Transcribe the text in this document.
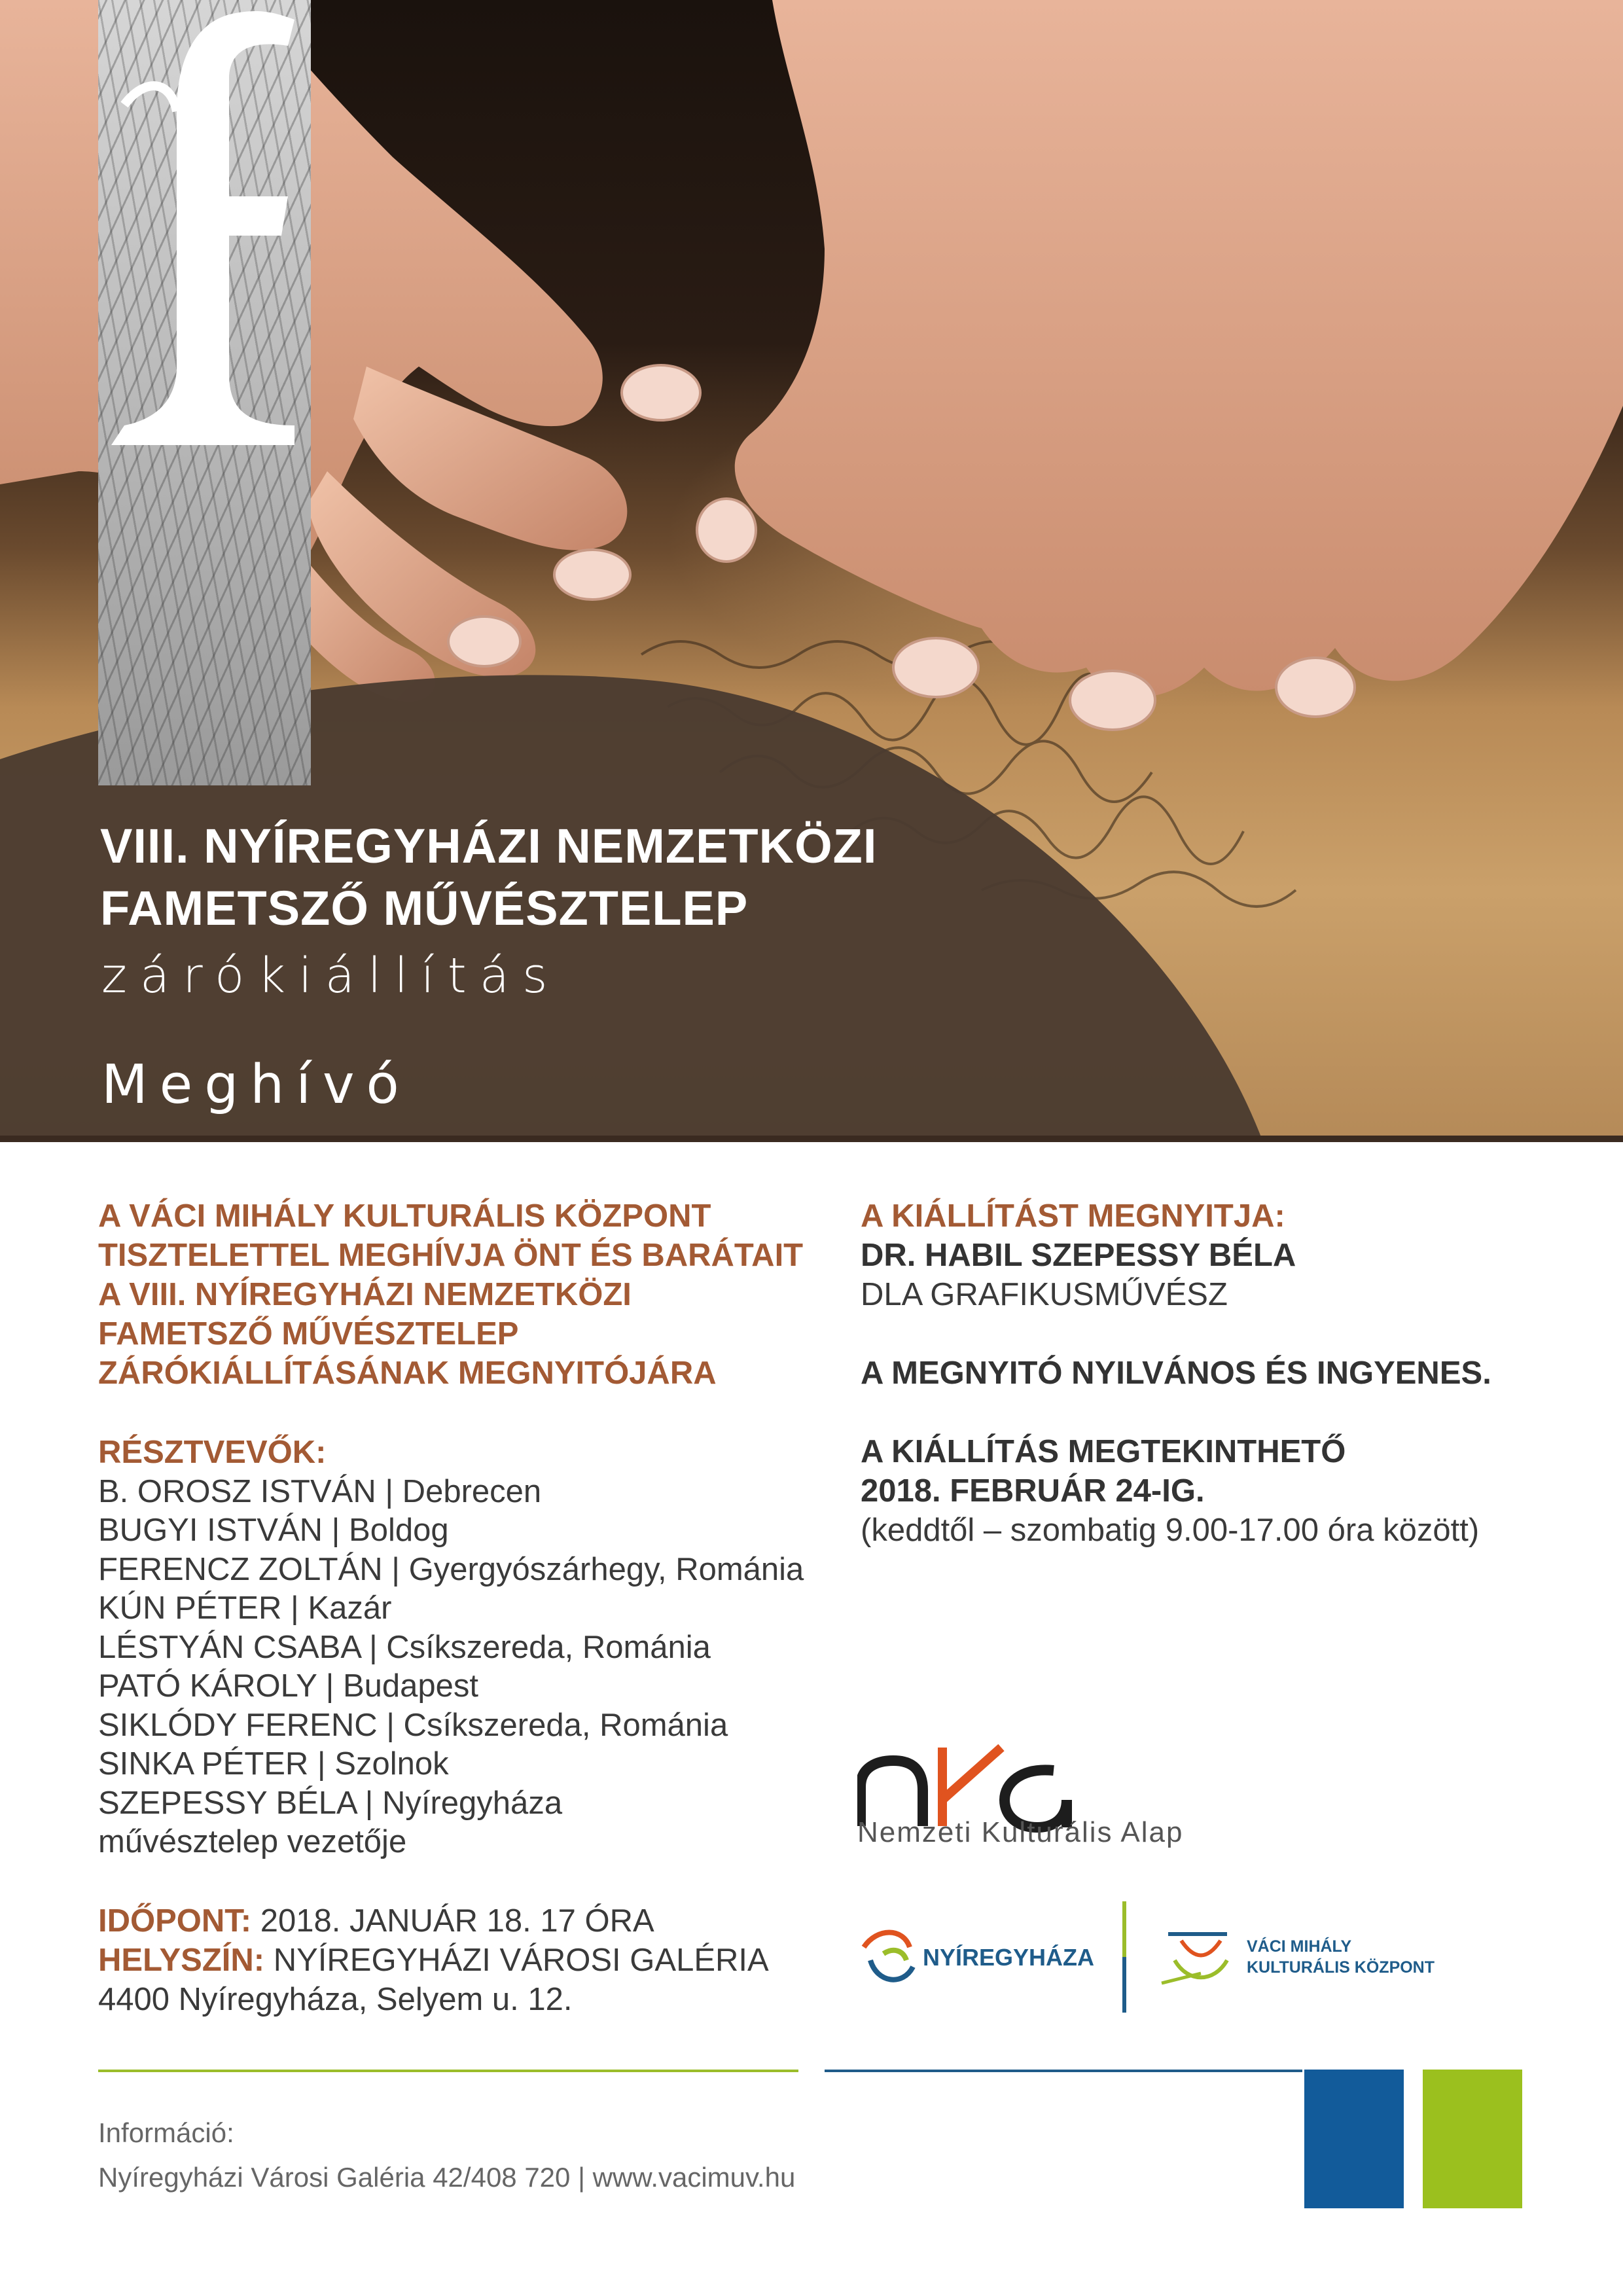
VIII. NYÍREGYHÁZI NEMZETKÖZI
FAMETSZŐ MŰVÉSZTELEP
zárókiállítás
Meghívó
A VÁCI MIHÁLY KULTURÁLIS KÖZPONT
TISZTELETTEL MEGHÍVJA ÖNT ÉS BARÁTAIT
A VIII. NYÍREGYHÁZI NEMZETKÖZI
FAMETSZŐ MŰVÉSZTELEP
ZÁRÓKIÁLLÍTÁSÁNAK MEGNYITÓJÁRA
RÉSZTVEVŐK:
B. OROSZ ISTVÁN | Debrecen
BUGYI ISTVÁN | Boldog
FERENCZ ZOLTÁN | Gyergyószárhegy, Románia
KÚN PÉTER | Kazár
LÉSTYÁN CSABA | Csíkszereda, Románia
PATÓ KÁROLY | Budapest
SIKLÓDY FERENC | Csíkszereda, Románia
SINKA PÉTER | Szolnok
SZEPESSY BÉLA | Nyíregyháza
művésztelep vezetője
IDŐPONT: 2018. JANUÁR 18. 17 ÓRA
HELYSZÍN: NYÍREGYHÁZI VÁROSI GALÉRIA
4400 Nyíregyháza, Selyem u. 12.
A KIÁLLÍTÁST MEGNYITJA:
DR. HABIL SZEPESSY BÉLA
DLA GRAFIKUSMŰVÉSZ
A MEGNYITÓ NYILVÁNOS ÉS INGYENES.
A KIÁLLÍTÁS MEGTEKINTHETŐ
2018. FEBRUÁR 24-IG.
(keddtől – szombatig 9.00-17.00 óra között)
Nemzeti Kulturális Alap
NYÍREGYHÁZA	VÁCI MIHÁLY
KULTURÁLIS KÖZPONT
Információ:
Nyíregyházi Városi Galéria 42/408 720 | www.vacimuv.hu
